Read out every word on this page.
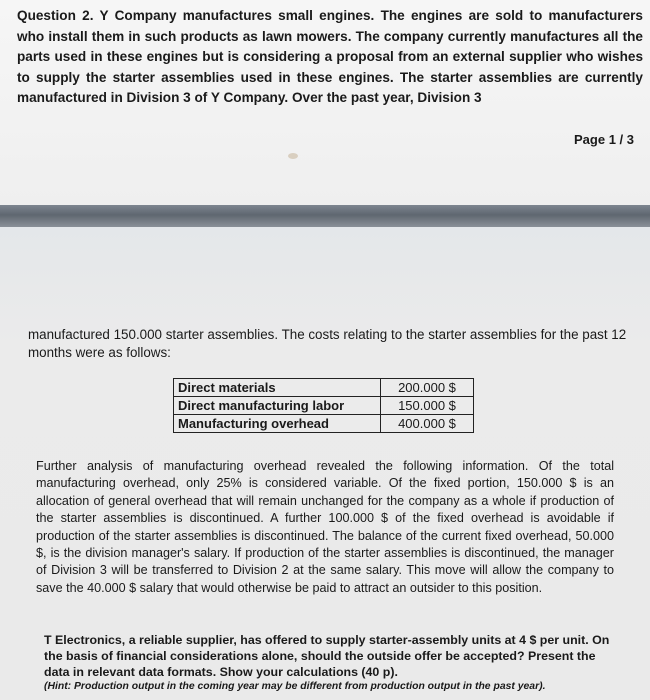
Question 2. Y Company manufactures small engines. The engines are sold to manufacturers who install them in such products as lawn mowers. The company currently manufactures all the parts used in these engines but is considering a proposal from an external supplier who wishes to supply the starter assemblies used in these engines. The starter assemblies are currently manufactured in Division 3 of Y Company. Over the past year, Division 3

Page 1 / 3

manufactured 150.000 starter assemblies. The costs relating to the starter assemblies for the past 12 months were as follows:

Direct materials	200.000 $
Direct manufacturing labor	150.000 $
Manufacturing overhead	400.000 $

Further analysis of manufacturing overhead revealed the following information. Of the total manufacturing overhead, only 25% is considered variable. Of the fixed portion, 150.000 $ is an allocation of general overhead that will remain unchanged for the company as a whole if production of the starter assemblies is discontinued. A further 100.000 $ of the fixed overhead is avoidable if production of the starter assemblies is discontinued. The balance of the current fixed overhead, 50.000 $, is the division manager's salary. If production of the starter assemblies is discontinued, the manager of Division 3 will be transferred to Division 2 at the same salary. This move will allow the company to save the 40.000 $ salary that would otherwise be paid to attract an outsider to this position.

T Electronics, a reliable supplier, has offered to supply starter-assembly units at 4 $ per unit. On the basis of financial considerations alone, should the outside offer be accepted? Present the data in relevant data formats. Show your calculations (40 p).

(Hint: Production output in the coming year may be different from production output in the past year).
